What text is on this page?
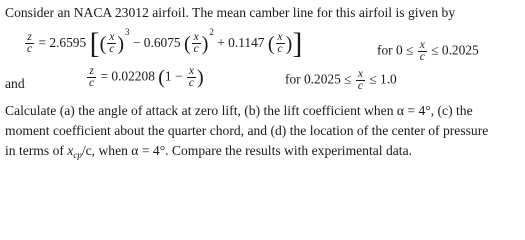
Consider an NACA 23012 airfoil. The mean camber line for this airfoil is given by
$\frac{z}{c} = 2.6595$ [( $\frac{x}{c} )^3 - 0.6075$ ( $\frac{x}{c} )^2 + 0.1147$ ( $\frac{x}{c}$ )]	for $0 \le \frac{x}{c} \le 0.2025$
and	$\frac{z}{c} = 0.02208$ ($1 - \frac{x}{c}$ )	for $0.2025 \le \frac{x}{c} \le 1.0$
Calculate (a) the angle of attack at zero lift, (b) the lift coefficient when α = 4°, (c) the
moment coefficient about the quarter chord, and (d) the location of the center of pressure
in terms of $x_{cp}/c$, when α = 4°. Compare the results with experimental data.
